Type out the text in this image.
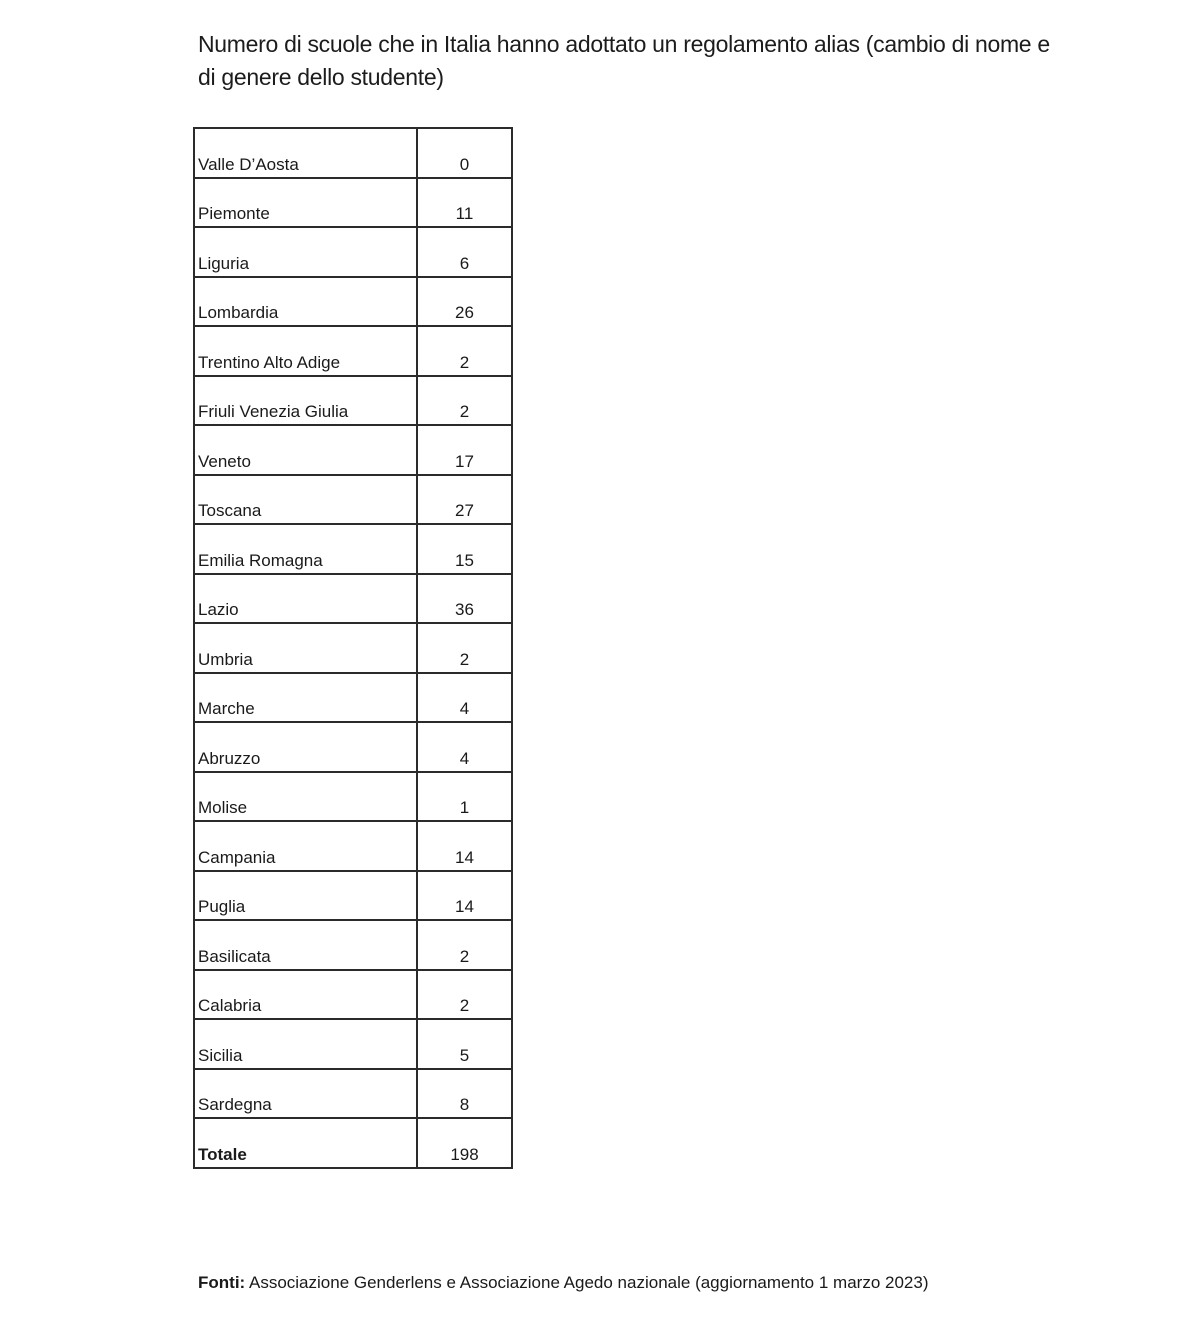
Numero di scuole che in Italia hanno adottato un regolamento alias (cambio di nome e di genere dello studente)
Valle D’Aosta	0
Piemonte	11
Liguria	6
Lombardia	26
Trentino Alto Adige	2
Friuli Venezia Giulia	2
Veneto	17
Toscana	27
Emilia Romagna	15
Lazio	36
Umbria	2
Marche	4
Abruzzo	4
Molise	1
Campania	14
Puglia	14
Basilicata	2
Calabria	2
Sicilia	5
Sardegna	8
Totale	198
Fonti: Associazione Genderlens e Associazione Agedo nazionale (aggiornamento 1 marzo 2023)
